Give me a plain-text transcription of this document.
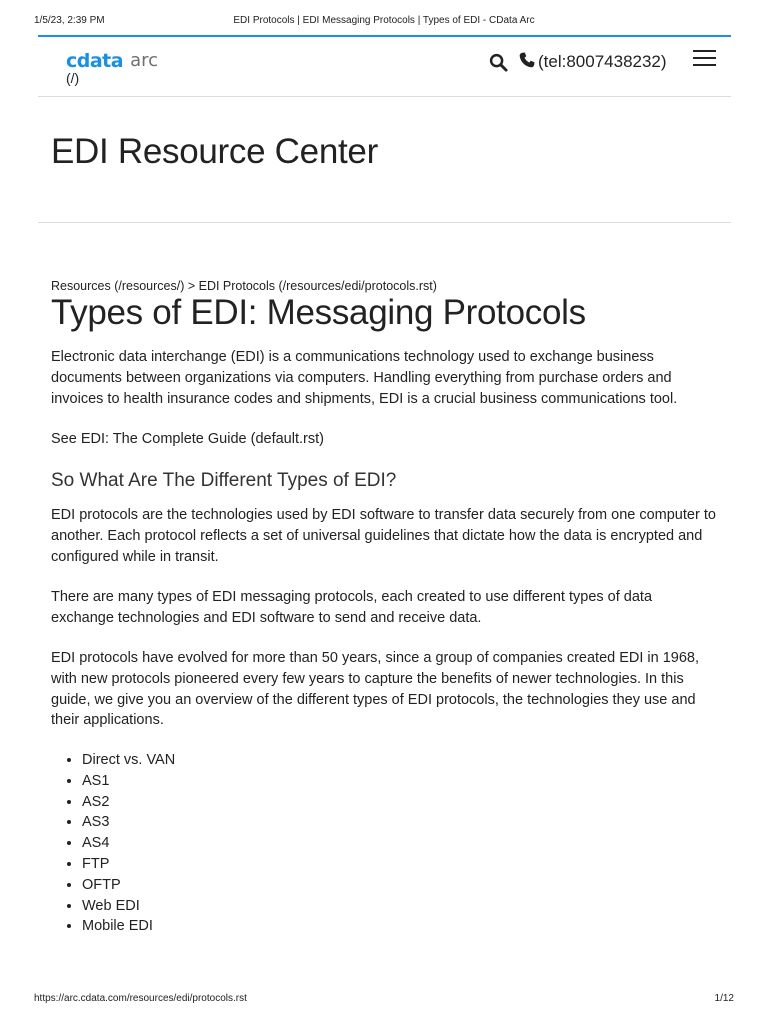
1/5/23, 2:39 PM	EDI Protocols | EDI Messaging Protocols | Types of EDI - CData Arc
cdata arc
(/)
(tel:8007438232)
EDI Resource Center
Resources (/resources/) > EDI Protocols (/resources/edi/protocols.rst)
Types of EDI: Messaging Protocols

Electronic data interchange (EDI) is a communications technology used to exchange business documents between organizations via computers. Handling everything from purchase orders and invoices to health insurance codes and shipments, EDI is a crucial business communications tool.

See EDI: The Complete Guide (default.rst)

So What Are The Different Types of EDI?

EDI protocols are the technologies used by EDI software to transfer data securely from one computer to another. Each protocol reflects a set of universal guidelines that dictate how the data is encrypted and configured while in transit.

There are many types of EDI messaging protocols, each created to use different types of data exchange technologies and EDI software to send and receive data.

EDI protocols have evolved for more than 50 years, since a group of companies created EDI in 1968, with new protocols pioneered every few years to capture the benefits of newer technologies. In this guide, we give you an overview of the different types of EDI protocols, the technologies they use and their applications.

• Direct vs. VAN
• AS1
• AS2
• AS3
• AS4
• FTP
• OFTP
• Web EDI
• Mobile EDI
https://arc.cdata.com/resources/edi/protocols.rst	1/12
